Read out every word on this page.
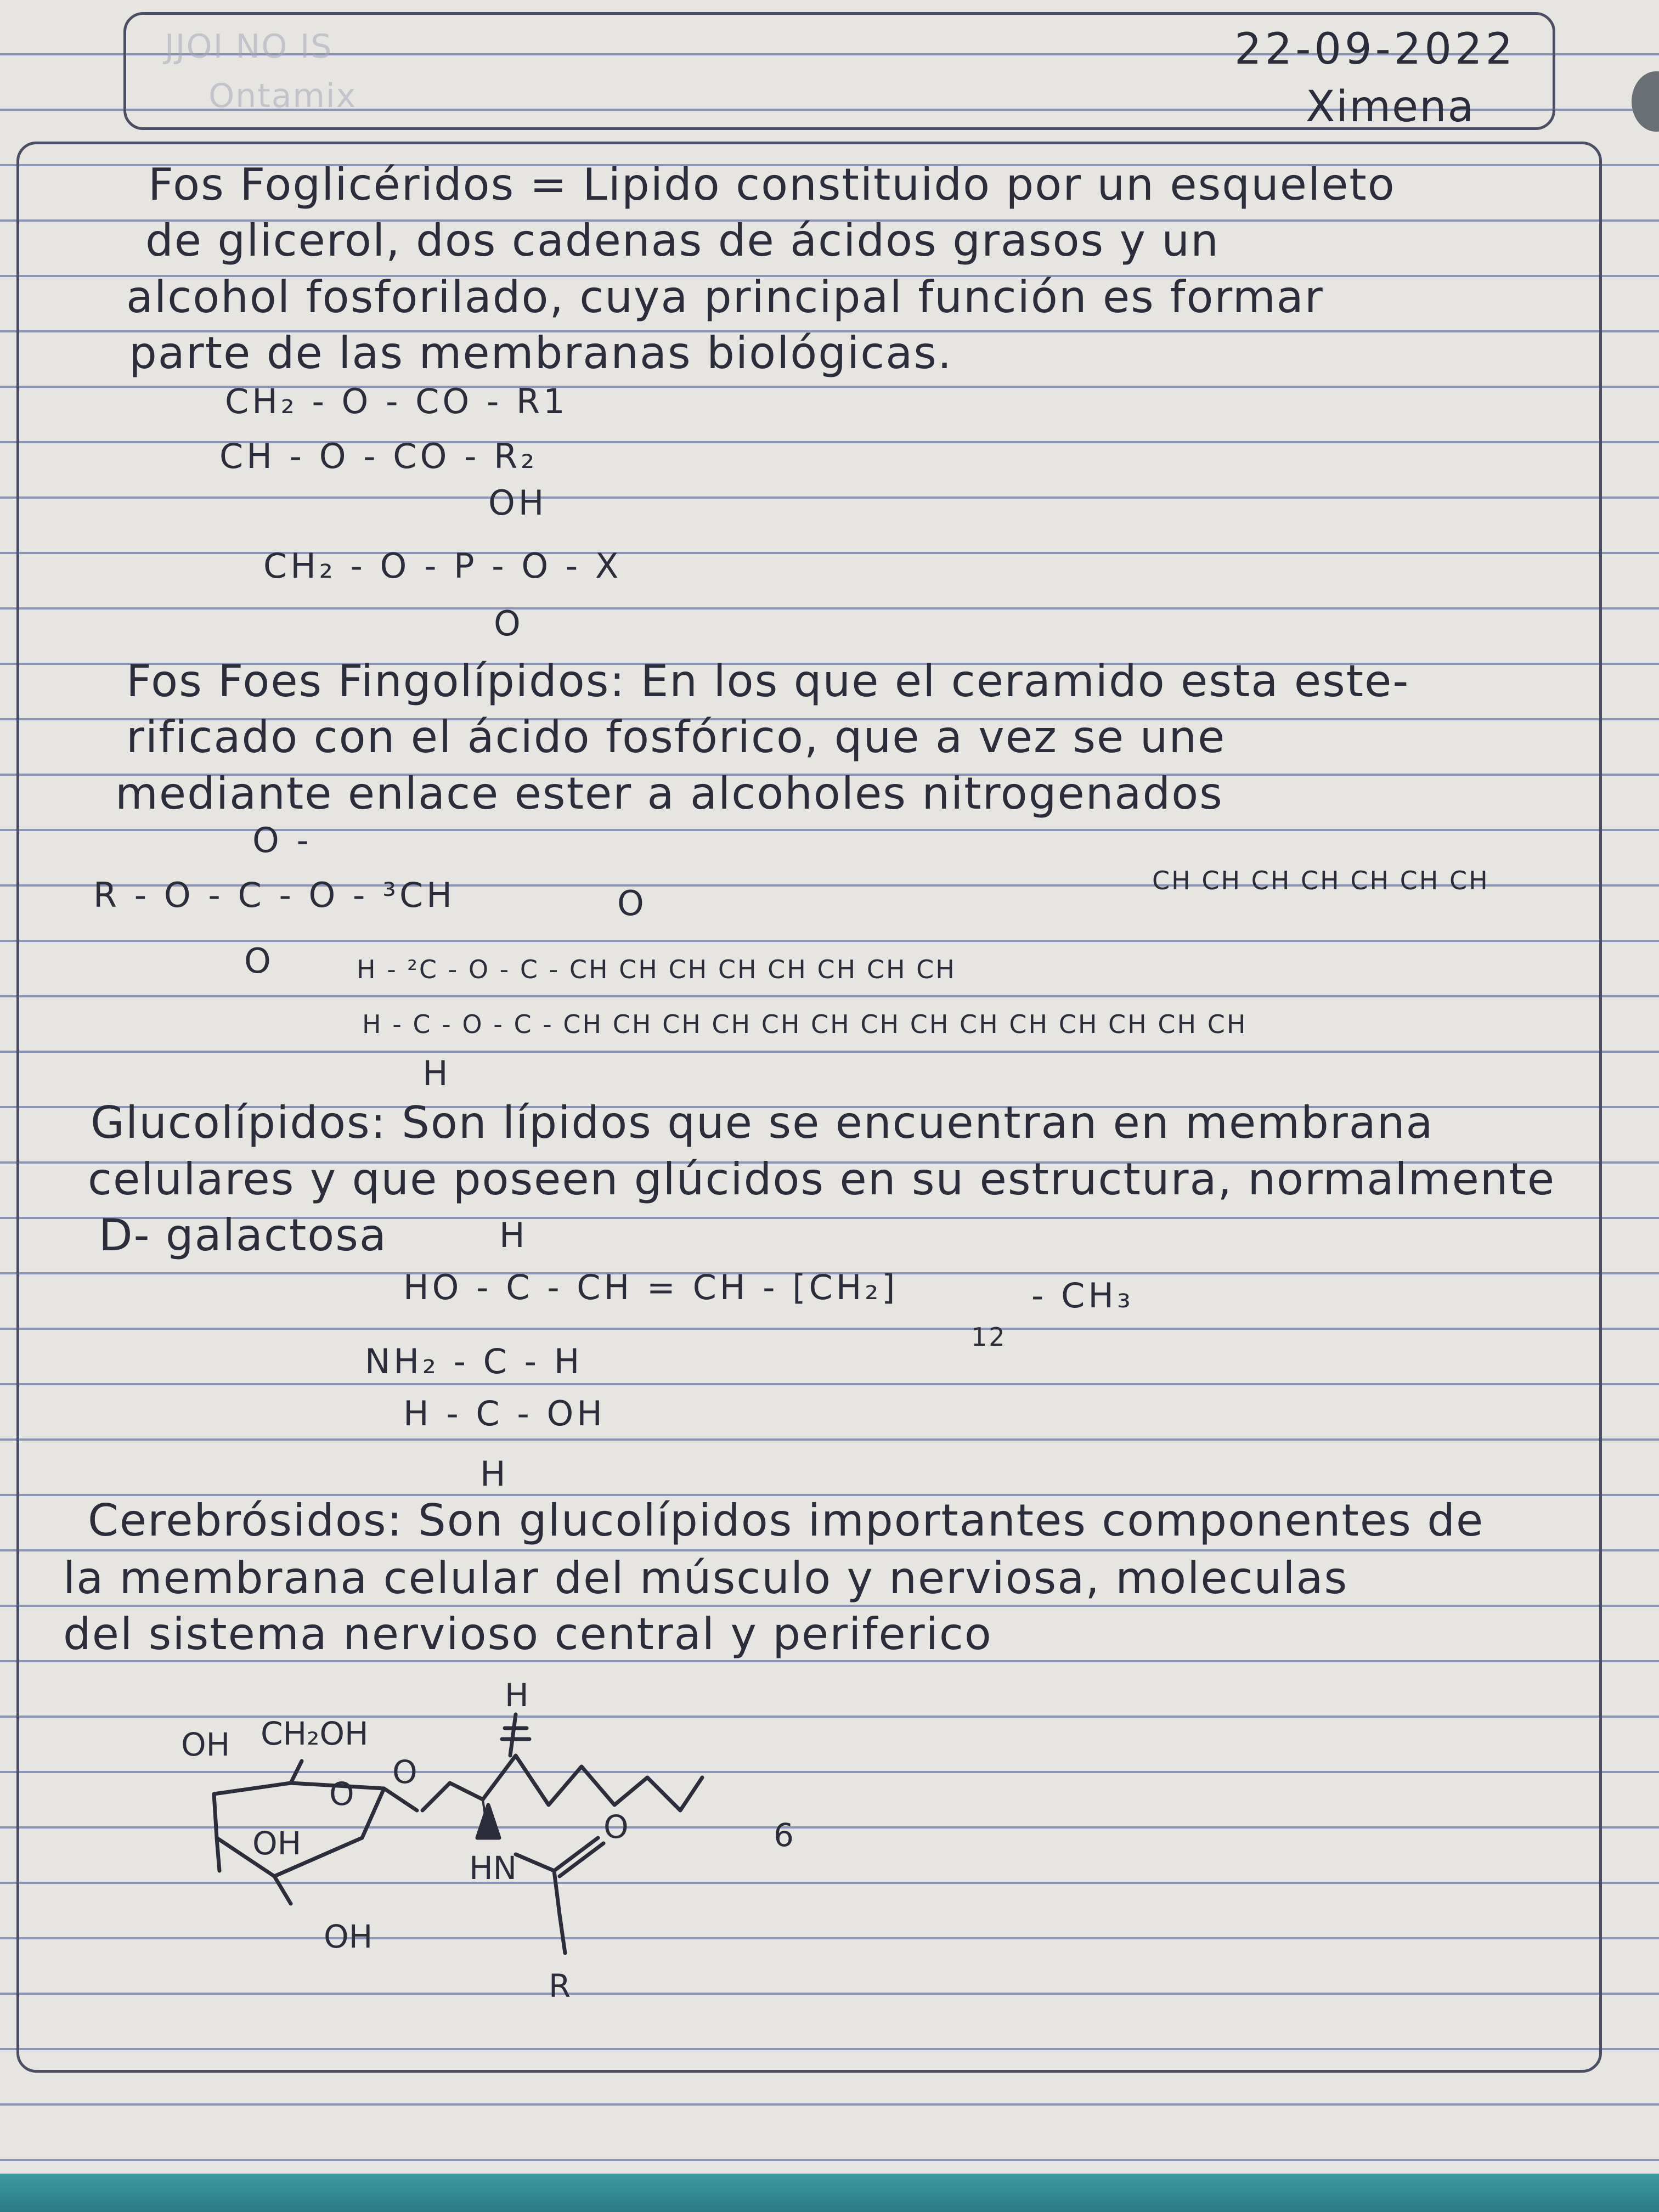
JJOI NO IS
Ontamix
22-09-2022
Ximena
Fos Foglicéridos = Lipido constituido por un esqueleto
de glicerol, dos cadenas de ácidos grasos y un
alcohol fosforilado, cuya principal función es formar
parte de las membranas biológicas.
CH₂ - O - CO - R1
CH - O - CO - R₂
OH
CH₂ - O - P - O - X
O
Fos Foes Fingolípidos: En los que el ceramido esta este-
rificado con el ácido fosfórico, que a vez se une
mediante enlace ester a alcoholes nitrogenados
O -
R - O - C - O - ³CH
O
CH CH CH CH CH CH CH
O
H - ²C - O - C - CH CH CH CH CH CH CH CH
H - C - O - C - CH CH CH CH CH CH CH CH CH CH CH CH CH CH
H
Glucolípidos: Son lípidos que se encuentran en membrana
celulares y que poseen glúcidos en su estructura, normalmente
D- galactosa	H
HO - C - CH = CH - [CH₂]
12
- CH₃
NH₂ - C - H
H - C - OH
H
Cerebrósidos: Son glucolípidos importantes componentes de
la membrana celular del músculo y nerviosa, moleculas
del sistema nervioso central y periferico
OH CH₂OH
O
O
OH
OH
H
HN
O
R
6
